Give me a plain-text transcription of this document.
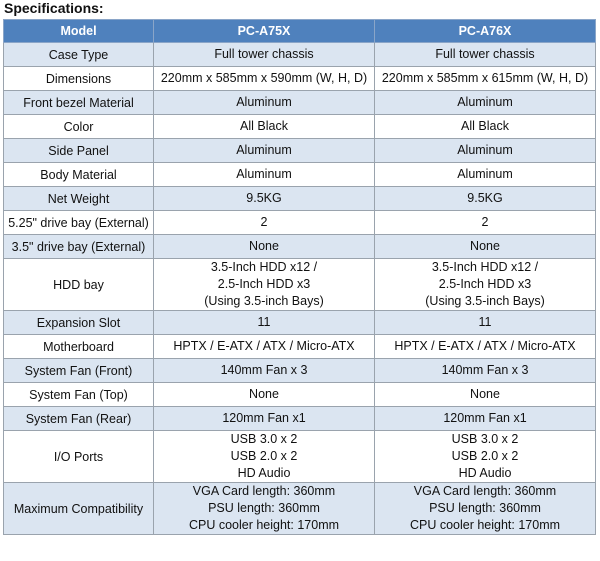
Specifications:
Model	PC-A75X	PC-A76X
Case Type	Full tower chassis	Full tower chassis

Dimensions	220mm x 585mm x 590mm (W, H, D)	220mm x 585mm x 615mm (W, H, D)

Front bezel Material	Aluminum	Aluminum

Color	All Black	All Black

Side Panel	Aluminum	Aluminum

Body Material	Aluminum	Aluminum

Net Weight	9.5KG	9.5KG

5.25" drive bay (External)	2	2

3.5" drive bay (External)	None	None

HDD bay	3.5-Inch HDD x12 /
2.5-Inch HDD x3
(Using 3.5-inch Bays)	3.5-Inch HDD x12 /
2.5-Inch HDD x3
(Using 3.5-inch Bays)

Expansion Slot	11	11

Motherboard	HPTX / E-ATX / ATX / Micro-ATX	HPTX / E-ATX / ATX / Micro-ATX

System Fan (Front)	140mm Fan x 3	140mm Fan x 3

System Fan (Top)	None	None

System Fan (Rear)	120mm Fan x1	120mm Fan x1

I/O Ports	USB 3.0 x 2
USB 2.0 x 2
HD Audio	USB 3.0 x 2
USB 2.0 x 2
HD Audio

Maximum Compatibility	VGA Card length: 360mm
PSU length: 360mm
CPU cooler height: 170mm	VGA Card length: 360mm
PSU length: 360mm
CPU cooler height: 170mm
